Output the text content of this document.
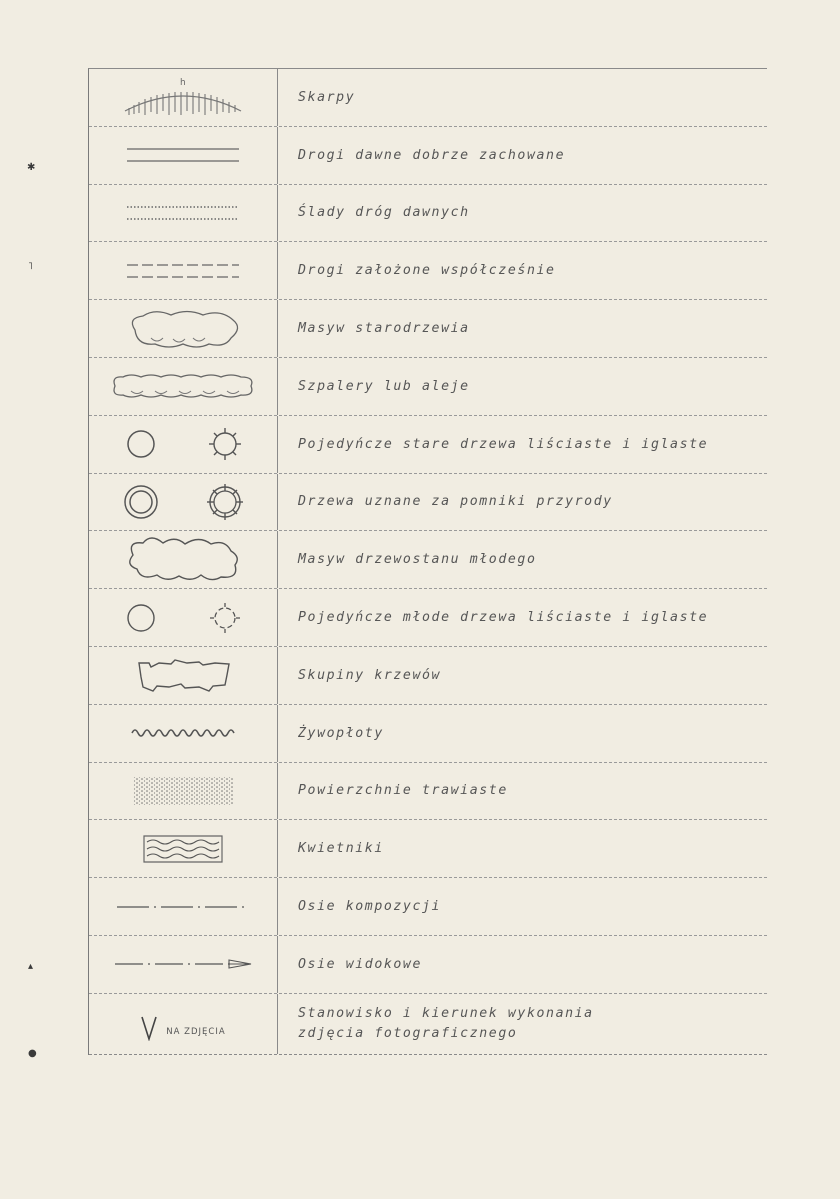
✱
˥
▴
●
h
Skarpy
Drogi dawne dobrze zachowane
Ślady dróg dawnych
Drogi założone współcześnie
Masyw starodrzewia
Szpalery lub aleje
Pojedyńcze stare drzewa liściaste i iglaste
Drzewa uznane za pomniki przyrody
Masyw drzewostanu młodego
Pojedyńcze młode drzewa liściaste i iglaste
Skupiny krzewów
Żywopłoty
Powierzchnie trawiaste
Kwietniki
Osie kompozycji
Osie widokowe
NA ZDJĘCIA
Stanowisko i kierunek wykonania
zdjęcia fotograficznego
